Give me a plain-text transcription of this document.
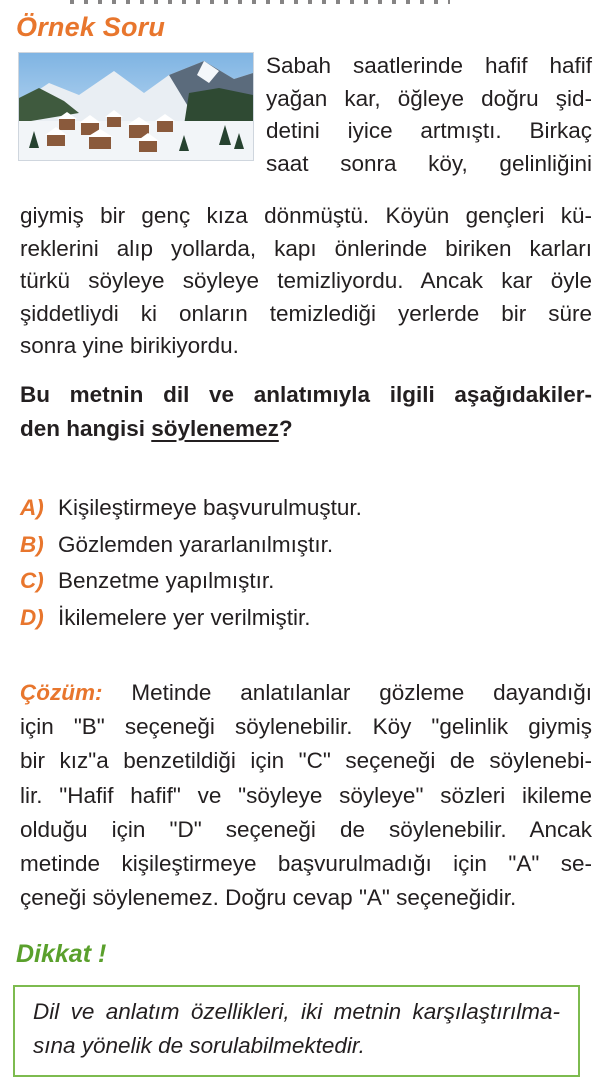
Örnek Soru

Sabah saatlerinde hafif hafif
yağan kar, öğleye doğru şid-
detini iyice artmıştı. Birkaç
saat sonra köy, gelinliğini

giymiş bir genç kıza dönmüştü. Köyün gençleri kü-
reklerini alıp yollarda, kapı önlerinde biriken karları
türkü söyleye söyleye temizliyordu. Ancak kar öyle
şiddetliydi ki onların temizlediği yerlerde bir süre
sonra yine birikiyordu.

Bu metnin dil ve anlatımıyla ilgili aşağıdakiler-
den hangisi söylenemez?

A) Kişileştirmeye başvurulmuştur.
B) Gözlemden yararlanılmıştır.
C) Benzetme yapılmıştır.
D) İkilemelere yer verilmiştir.

Çözüm: Metinde anlatılanlar gözleme dayandığı
için "B" seçeneği söylenebilir. Köy "gelinlik giymiş
bir kız"a benzetildiği için "C" seçeneği de söylenebi-
lir. "Hafif hafif" ve "söyleye söyleye" sözleri ikileme
olduğu için "D" seçeneği de söylenebilir. Ancak
metinde kişileştirmeye başvurulmadığı için "A" se-
çeneği söylenemez. Doğru cevap "A" seçeneğidir.

Dikkat !

Dil ve anlatım özellikleri, iki metnin karşılaştırılma-
sına yönelik de sorulabilmektedir.
